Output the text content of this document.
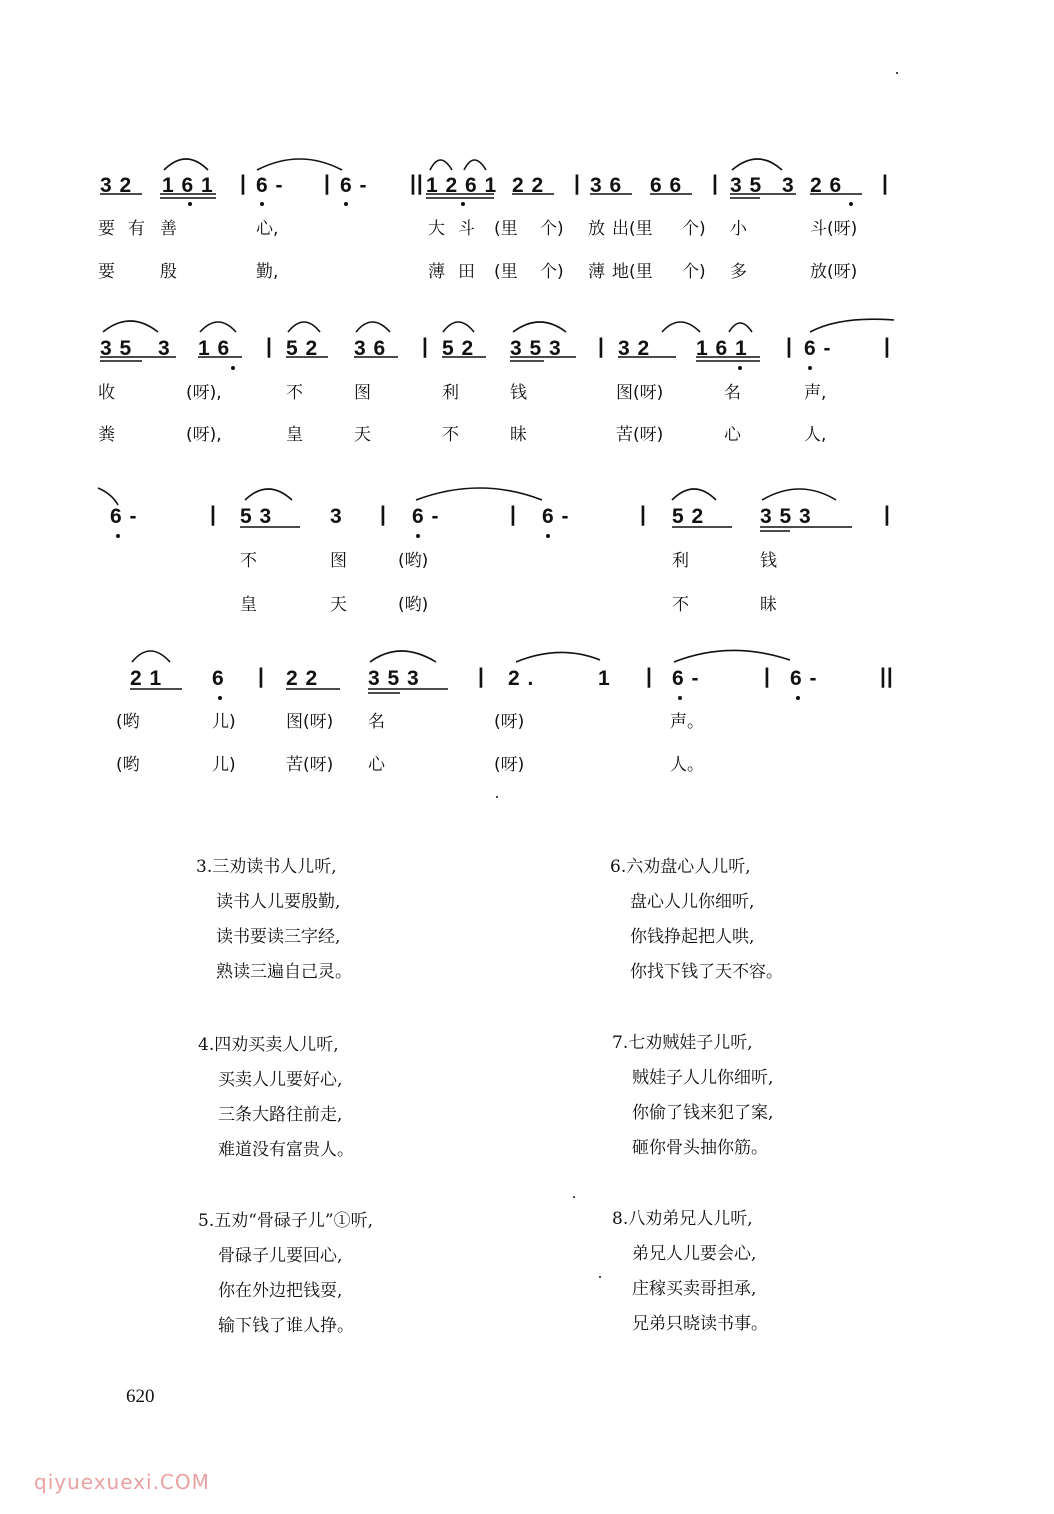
3 2 1 6 1 | 6 - | 6 - || 1 2 6 1 2 2 | 3 6 6 6 | 3 5 3 2 6 |
要 有 善	心,	大 斗 (里 个) 放 出(里 个) 小	斗(呀)
要	殷	勤,	薄 田 (里 个) 薄 地(里 个) 多	放(呀)
3 5 3 1 6 | 5 2 3 6 | 5 2 3 5 3 | 3 2 1 6 1 | 6 - |
收	(呀),	不	图	利	钱	图(呀)	名	声,
粪	(呀),	皇	天	不	昧	苦(呀)	心	人,
6 -	| 5 3	3 | 6 -	| 6 -	| 5 2	3 5 3	|
不	图	(哟)	利	钱
皇	天	(哟)	不	昧
2 1 6 | 2 2 3 5 3	| 2 .	1 | 6 -	| 6 -	||
(哟	儿)	图(呀) 名	(呀)	声。
(哟	儿)	苦(呀) 心	(呀)	人。
3.三劝读书人儿听,
读书人儿要殷勤,
读书要读三字经,
熟读三遍自己灵。
4.四劝买卖人儿听,
买卖人儿要好心,
三条大路往前走,
难道没有富贵人。
5.五劝“骨碌子儿”①听,
骨碌子儿要回心,
你在外边把钱耍,
输下钱了谁人挣。
6.六劝盘心人儿听,
盘心人儿你细听,
你钱挣起把人哄,
你找下钱了天不容。
7.七劝贼娃子儿听,
贼娃子人儿你细听,
你偷了钱来犯了案,
砸你骨头抽你筋。
8.八劝弟兄人儿听,
弟兄人儿要会心,
庄稼买卖哥担承,
兄弟只晓读书事。
620
qiyuexuexi.COM
